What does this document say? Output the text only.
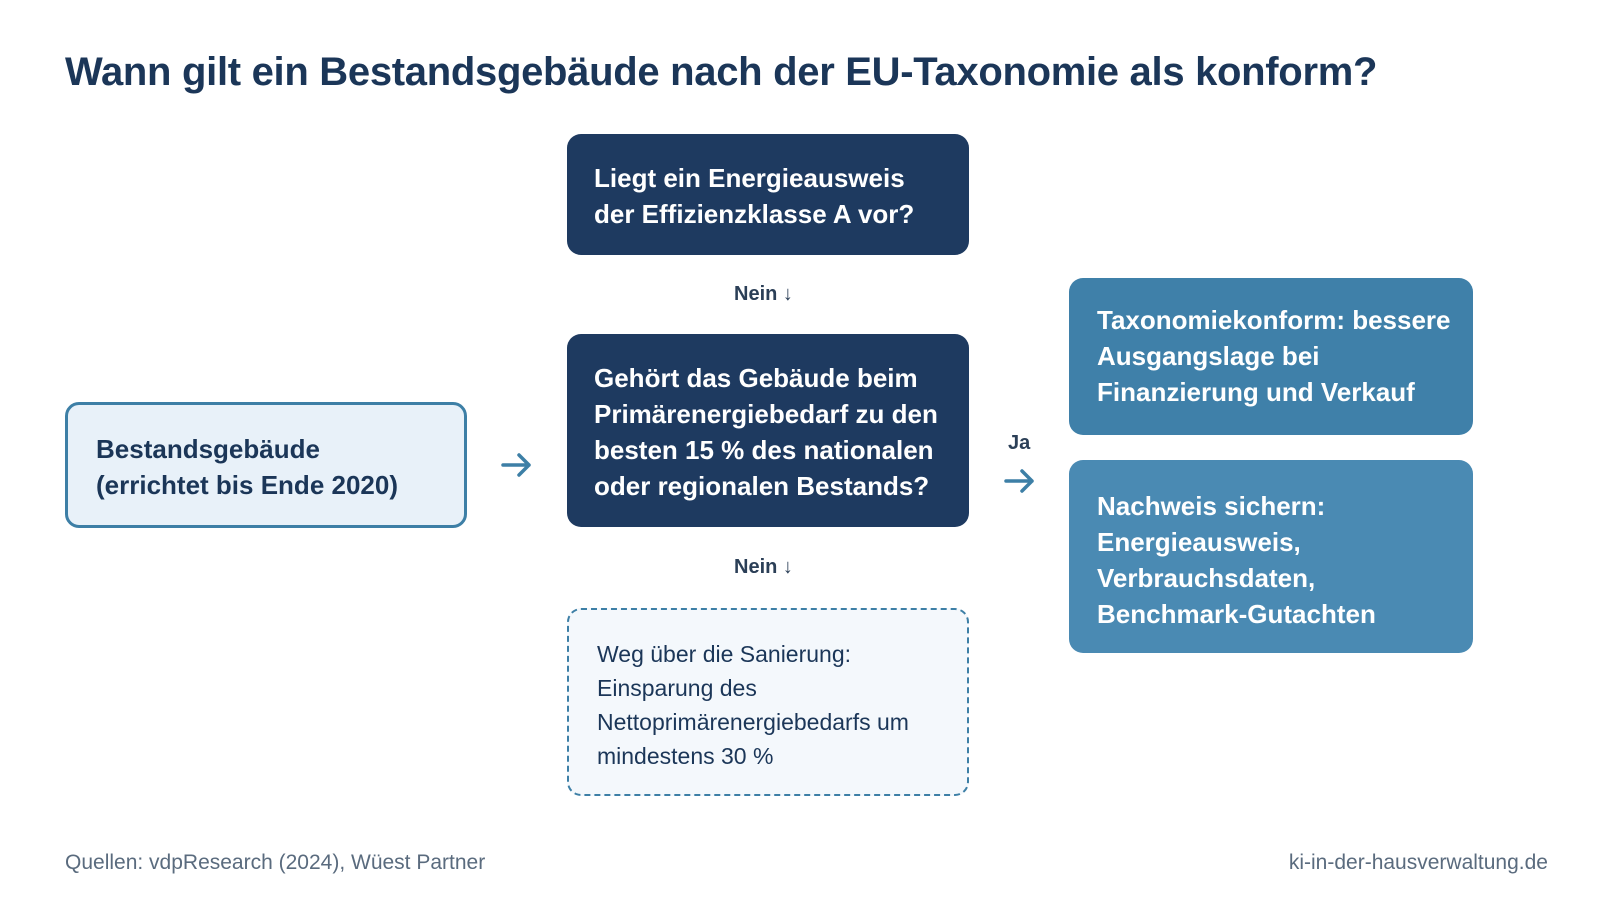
Wann gilt ein Bestandsgebäude nach der EU-Taxonomie als konform?
Bestandsgebäude
(errichtet bis Ende 2020)
Liegt ein Energieausweis
der Effizienzklasse A vor?
Nein ↓
Gehört das Gebäude beim
Primärenergiebedarf zu den
besten 15 % des nationalen
oder regionalen Bestands?
Nein ↓
Weg über die Sanierung:
Einsparung des
Nettoprimärenergiebedarfs um
mindestens 30 %
Ja
Taxonomiekonform: bessere
Ausgangslage bei
Finanzierung und Verkauf
Nachweis sichern:
Energieausweis,
Verbrauchsdaten,
Benchmark-Gutachten
Quellen: vdpResearch (2024), Wüest Partner	ki-in-der-hausverwaltung.de
